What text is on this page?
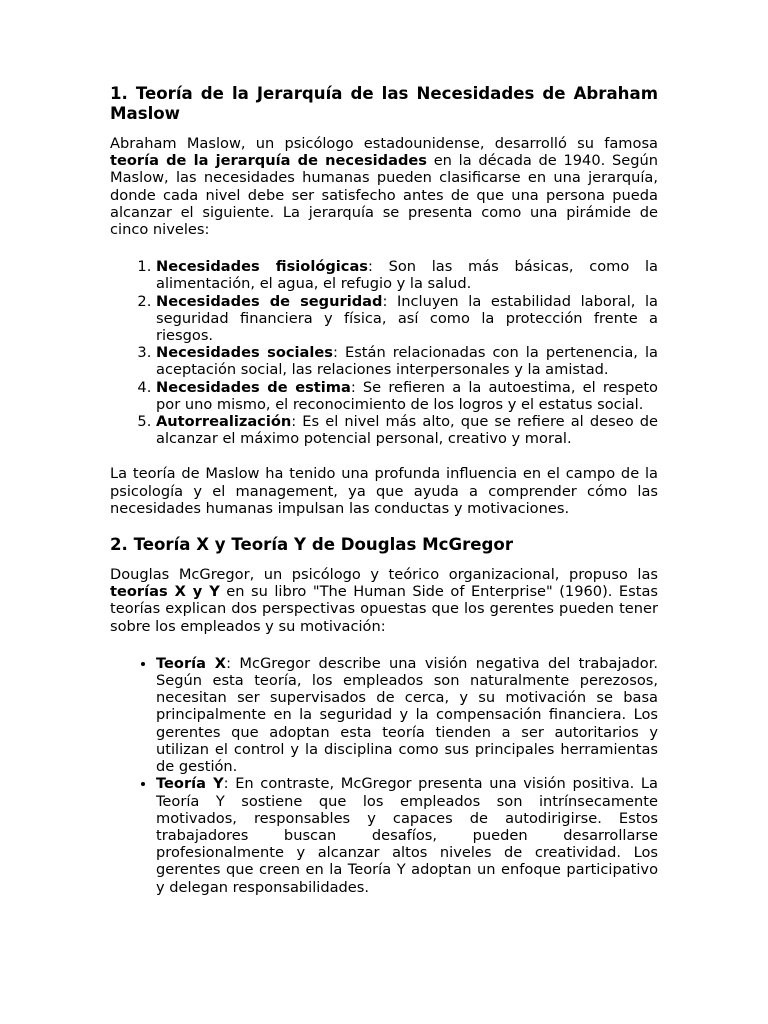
1. Teoría de la Jerarquía de las Necesidades de Abraham Maslow

Abraham Maslow, un psicólogo estadounidense, desarrolló su famosa teoría de la jerarquía de necesidades en la década de 1940. Según Maslow, las necesidades humanas pueden clasificarse en una jerarquía, donde cada nivel debe ser satisfecho antes de que una persona pueda alcanzar el siguiente. La jerarquía se presenta como una pirámide de cinco niveles:

1. Necesidades fisiológicas: Son las más básicas, como la alimentación, el agua, el refugio y la salud.
2. Necesidades de seguridad: Incluyen la estabilidad laboral, la seguridad financiera y física, así como la protección frente a riesgos.
3. Necesidades sociales: Están relacionadas con la pertenencia, la aceptación social, las relaciones interpersonales y la amistad.
4. Necesidades de estima: Se refieren a la autoestima, el respeto por uno mismo, el reconocimiento de los logros y el estatus social.
5. Autorrealización: Es el nivel más alto, que se refiere al deseo de alcanzar el máximo potencial personal, creativo y moral.

La teoría de Maslow ha tenido una profunda influencia en el campo de la psicología y el management, ya que ayuda a comprender cómo las necesidades humanas impulsan las conductas y motivaciones.

2. Teoría X y Teoría Y de Douglas McGregor

Douglas McGregor, un psicólogo y teórico organizacional, propuso las teorías X y Y en su libro "The Human Side of Enterprise" (1960). Estas teorías explican dos perspectivas opuestas que los gerentes pueden tener sobre los empleados y su motivación:

• Teoría X: McGregor describe una visión negativa del trabajador. Según esta teoría, los empleados son naturalmente perezosos, necesitan ser supervisados de cerca, y su motivación se basa principalmente en la seguridad y la compensación financiera. Los gerentes que adoptan esta teoría tienden a ser autoritarios y utilizan el control y la disciplina como sus principales herramientas de gestión.
• Teoría Y: En contraste, McGregor presenta una visión positiva. La Teoría Y sostiene que los empleados son intrínsecamente motivados, responsables y capaces de autodirigirse. Estos trabajadores buscan desafíos, pueden desarrollarse profesionalmente y alcanzar altos niveles de creatividad. Los gerentes que creen en la Teoría Y adoptan un enfoque participativo y delegan responsabilidades.
